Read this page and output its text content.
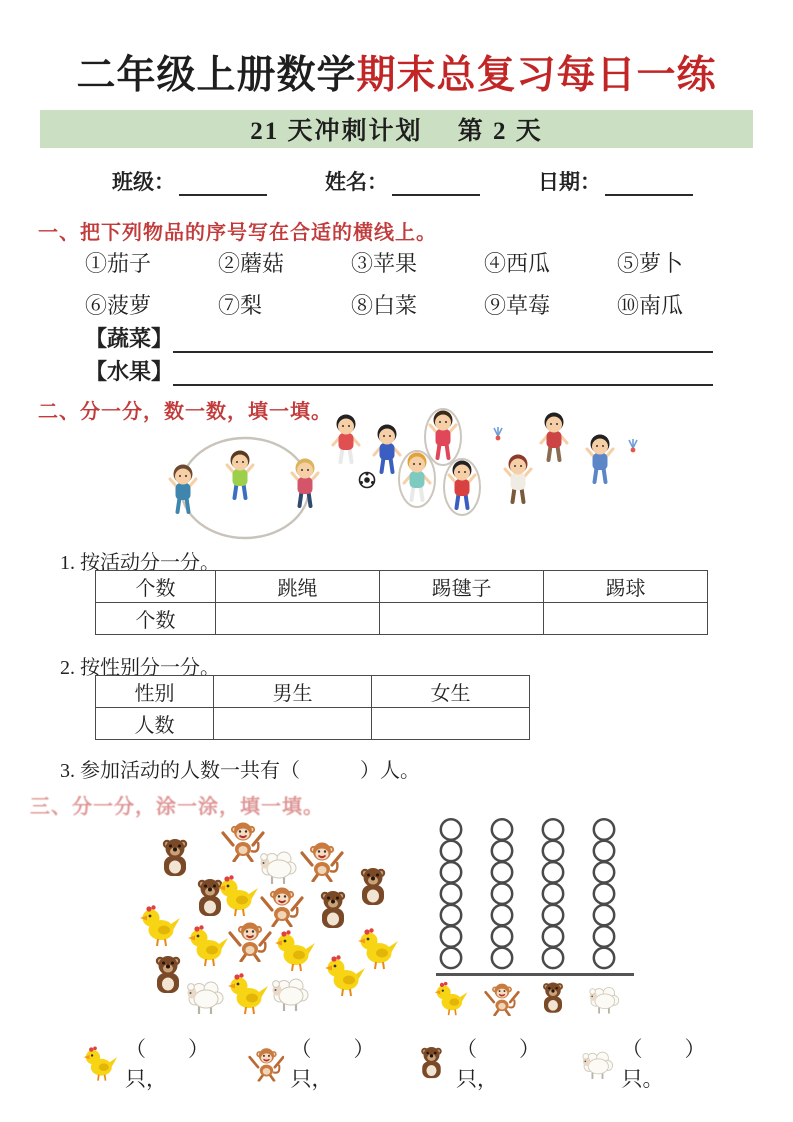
二年级上册数学期末总复习每日一练
21 天冲刺计划　 第 2 天
班级：	姓名：	日期：
一、把下列物品的序号写在合适的横线上。
①茄子	②蘑菇	③苹果	④西瓜	⑤萝卜
⑥菠萝	⑦梨	⑧白菜	⑨草莓	⑩南瓜
【蔬菜】
【水果】
二、分一分，数一数，填一填。
1. 按活动分一分。
个数	跳绳	踢毽子	踢球
个数			
2. 按性别分一分。
性别	男生	女生
人数		
3. 参加活动的人数一共有（　　　）人。
三、分一分，涂一涂，填一填。
（　　）只，
（　　）只，
（　　）只，
（　　）只。
